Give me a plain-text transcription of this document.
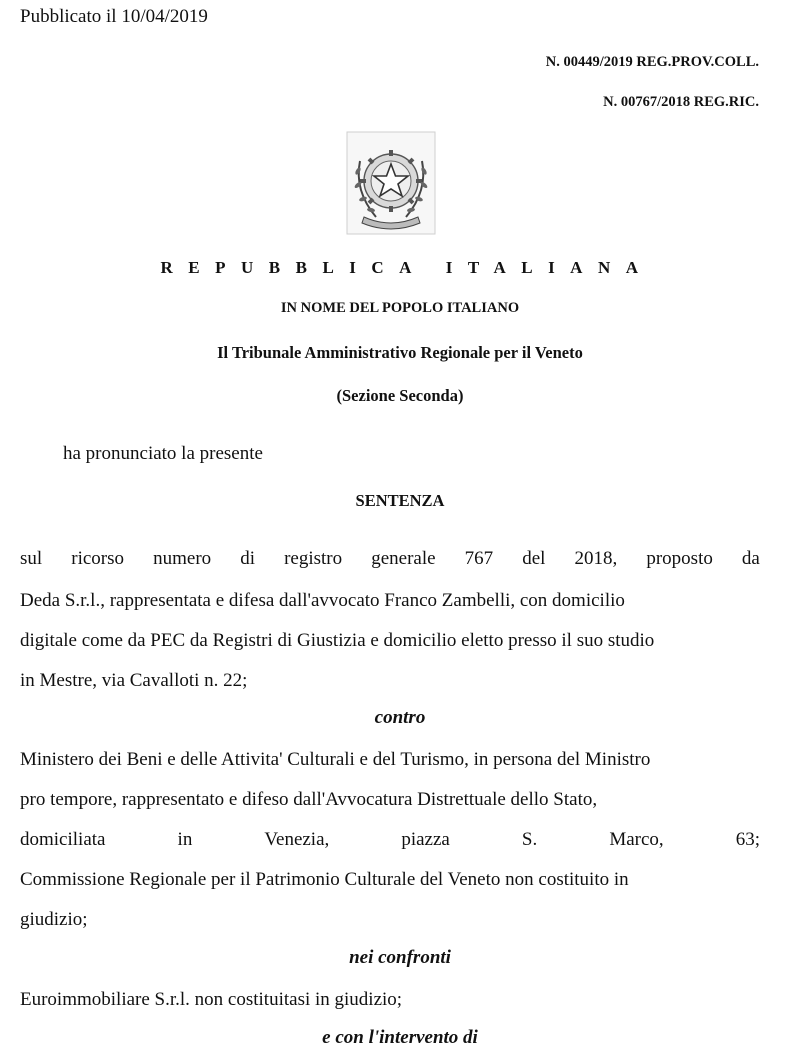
Pubblicato il 10/04/2019
N. 00449/2019 REG.PROV.COLL.
N. 00767/2018 REG.RIC.
REPUBBLICA ITALIANA
IN NOME DEL POPOLO ITALIANO
Il Tribunale Amministrativo Regionale per il Veneto
(Sezione Seconda)
ha pronunciato la presente
SENTENZA
sul ricorso numero di registro generale 767 del 2018, proposto da
Deda S.r.l., rappresentata e difesa dall'avvocato Franco Zambelli, con domicilio
digitale come da PEC da Registri di Giustizia e domicilio eletto presso il suo studio
in Mestre, via Cavalloti n. 22;
contro
Ministero dei Beni e delle Attivita' Culturali e del Turismo, in persona del Ministro
pro tempore, rappresentato e difeso dall'Avvocatura Distrettuale dello Stato,
domiciliata	in	Venezia,	piazza	S.	Marco,	63;
Commissione Regionale per il Patrimonio Culturale del Veneto non costituito in
giudizio;
nei confronti
Euroimmobiliare S.r.l. non costituitasi in giudizio;
e con l'intervento di
